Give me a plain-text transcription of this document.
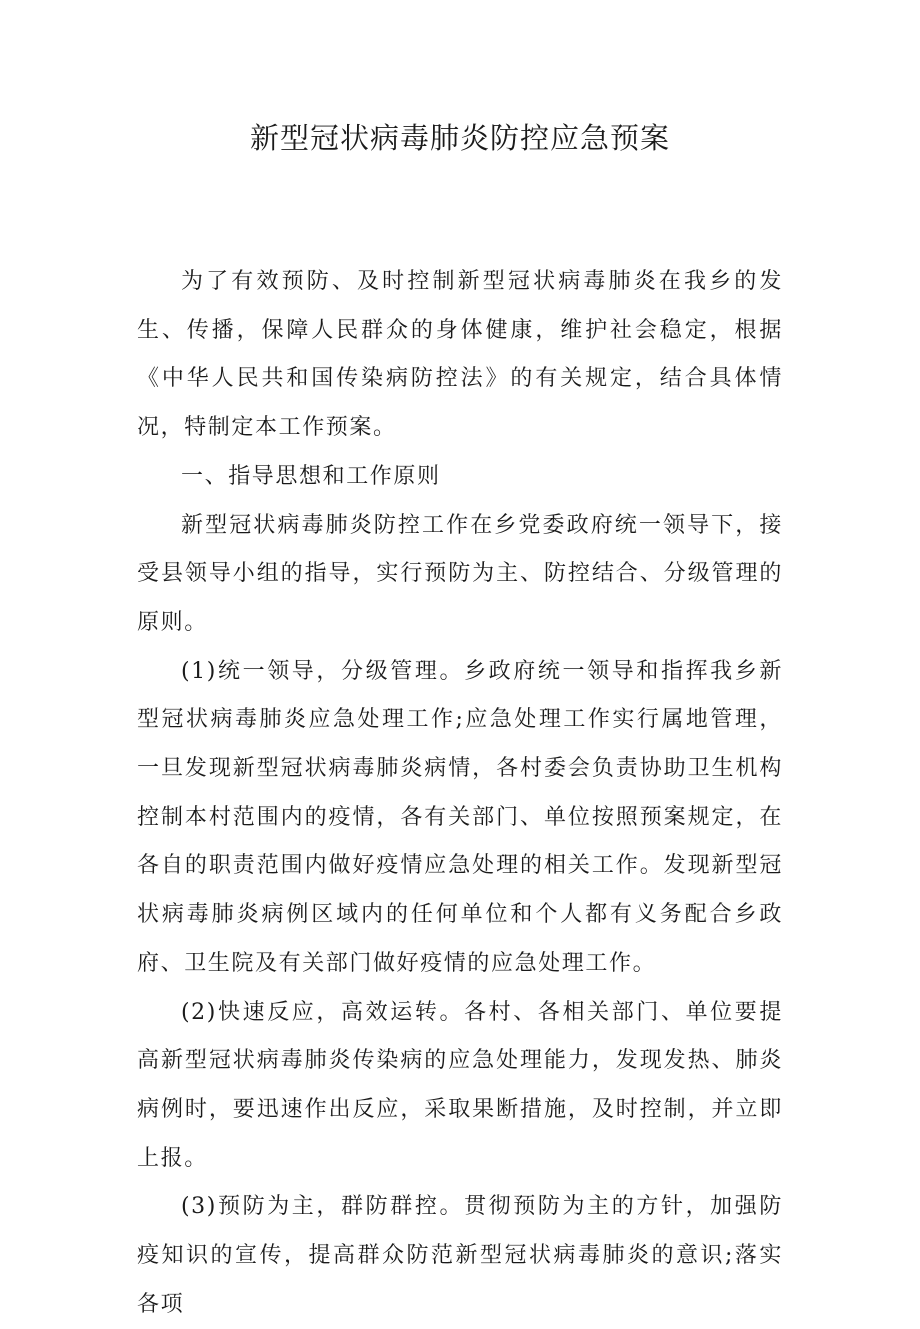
新型冠状病毒肺炎防控应急预案

为了有效预防、及时控制新型冠状病毒肺炎在我乡的发生、传播，保障人民群众的身体健康，维护社会稳定，根据《中华人民共和国传染病防控法》的有关规定，结合具体情况，特制定本工作预案。

一、指导思想和工作原则

新型冠状病毒肺炎防控工作在乡党委政府统一领导下，接受县领导小组的指导，实行预防为主、防控结合、分级管理的原则。

(1)统一领导，分级管理。乡政府统一领导和指挥我乡新型冠状病毒肺炎应急处理工作;应急处理工作实行属地管理，一旦发现新型冠状病毒肺炎病情，各村委会负责协助卫生机构控制本村范围内的疫情，各有关部门、单位按照预案规定，在各自的职责范围内做好疫情应急处理的相关工作。发现新型冠状病毒肺炎病例区域内的任何单位和个人都有义务配合乡政府、卫生院及有关部门做好疫情的应急处理工作。

(2)快速反应，高效运转。各村、各相关部门、单位要提高新型冠状病毒肺炎传染病的应急处理能力，发现发热、肺炎病例时，要迅速作出反应，采取果断措施，及时控制，并立即上报。

(3)预防为主，群防群控。贯彻预防为主的方针，加强防疫知识的宣传，提高群众防范新型冠状病毒肺炎的意识;落实各项
